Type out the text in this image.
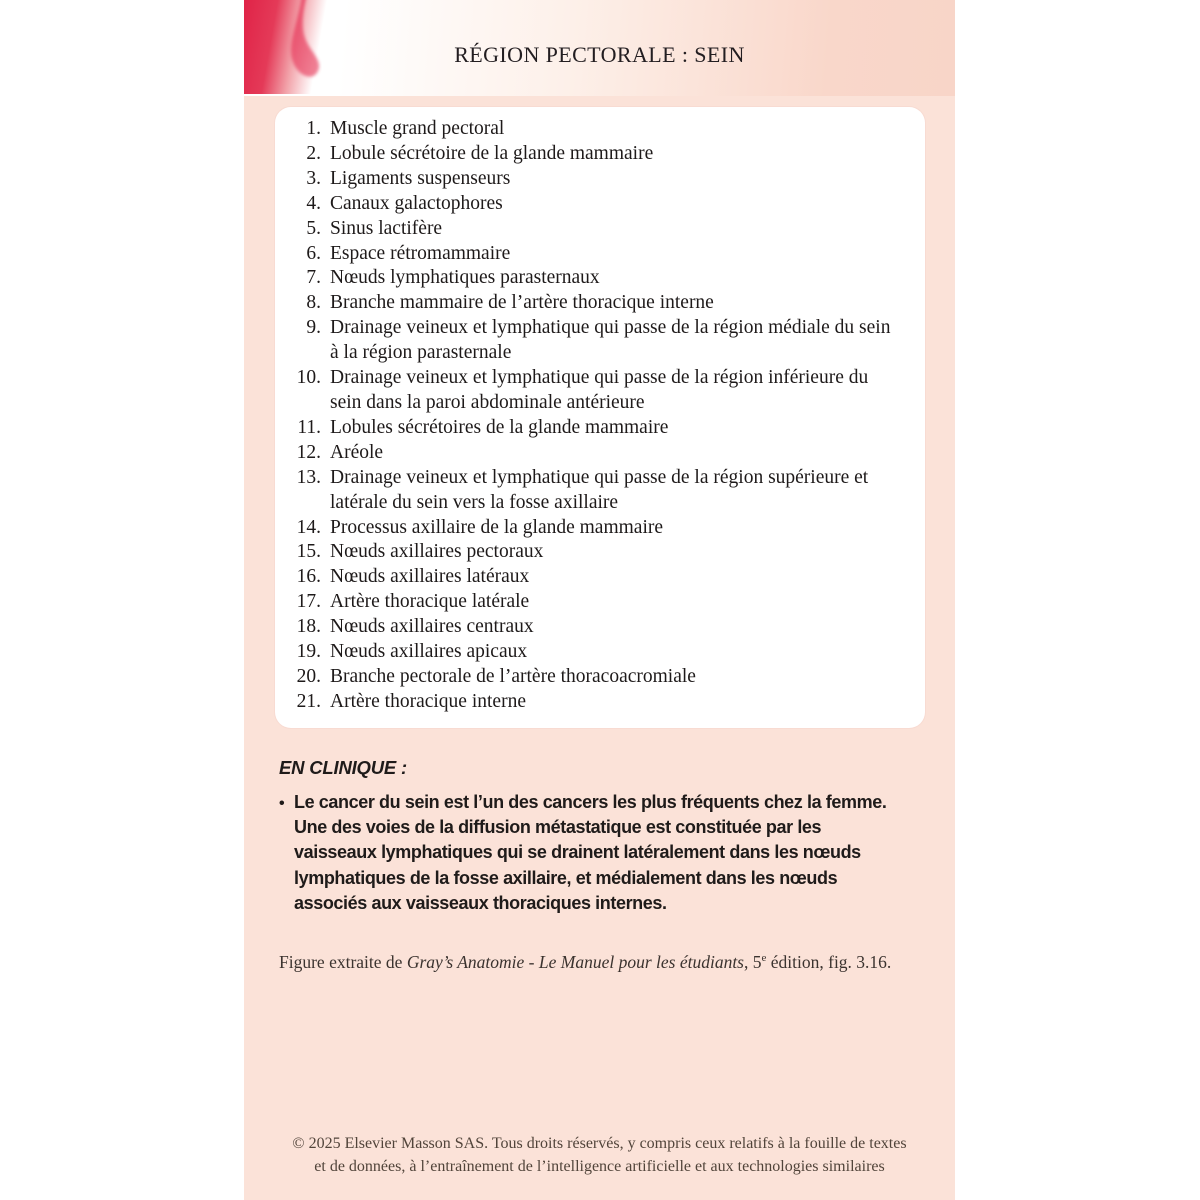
RÉGION PECTORALE : SEIN
1. Muscle grand pectoral
2. Lobule sécrétoire de la glande mammaire
3. Ligaments suspenseurs
4. Canaux galactophores
5. Sinus lactifère
6. Espace rétromammaire
7. Nœuds lymphatiques parasternaux
8. Branche mammaire de l’artère thoracique interne
9. Drainage veineux et lymphatique qui passe de la région médiale du sein à la région parasternale
10. Drainage veineux et lymphatique qui passe de la région inférieure du sein dans la paroi abdominale antérieure
11. Lobules sécrétoires de la glande mammaire
12. Aréole
13. Drainage veineux et lymphatique qui passe de la région supérieure et latérale du sein vers la fosse axillaire
14. Processus axillaire de la glande mammaire
15. Nœuds axillaires pectoraux
16. Nœuds axillaires latéraux
17. Artère thoracique latérale
18. Nœuds axillaires centraux
19. Nœuds axillaires apicaux
20. Branche pectorale de l’artère thoracoacromiale
21. Artère thoracique interne
EN CLINIQUE :
• Le cancer du sein est l’un des cancers les plus fréquents chez la femme. Une des voies de la diffusion métastatique est constituée par les vaisseaux lymphatiques qui se drainent latéralement dans les nœuds lymphatiques de la fosse axillaire, et médialement dans les nœuds associés aux vaisseaux thoraciques internes.
Figure extraite de Gray’s Anatomie - Le Manuel pour les étudiants, 5e édition, fig. 3.16.
© 2025 Elsevier Masson SAS. Tous droits réservés, y compris ceux relatifs à la fouille de textes
et de données, à l’entraînement de l’intelligence artificielle et aux technologies similaires
